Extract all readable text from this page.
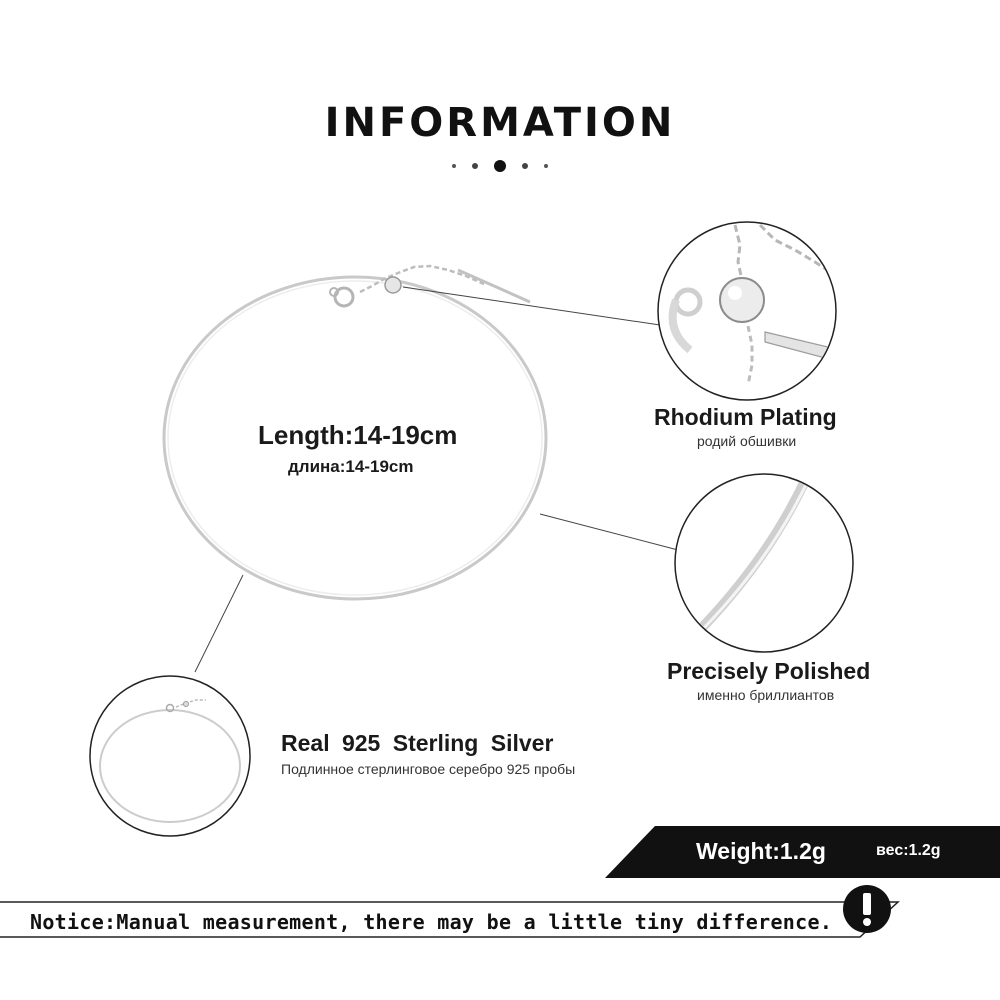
INFORMATION
Length:14-19cm
длина:14-19cm
Rhodium Plating
родий обшивки
Precisely Polished
именно бриллиантов
Real 925 Sterling Silver
Подлинное стерлинговое серебро 925 пробы
Weight:1.2g	вес:1.2g
Notice:Manual measurement, there may be a little tiny difference.
